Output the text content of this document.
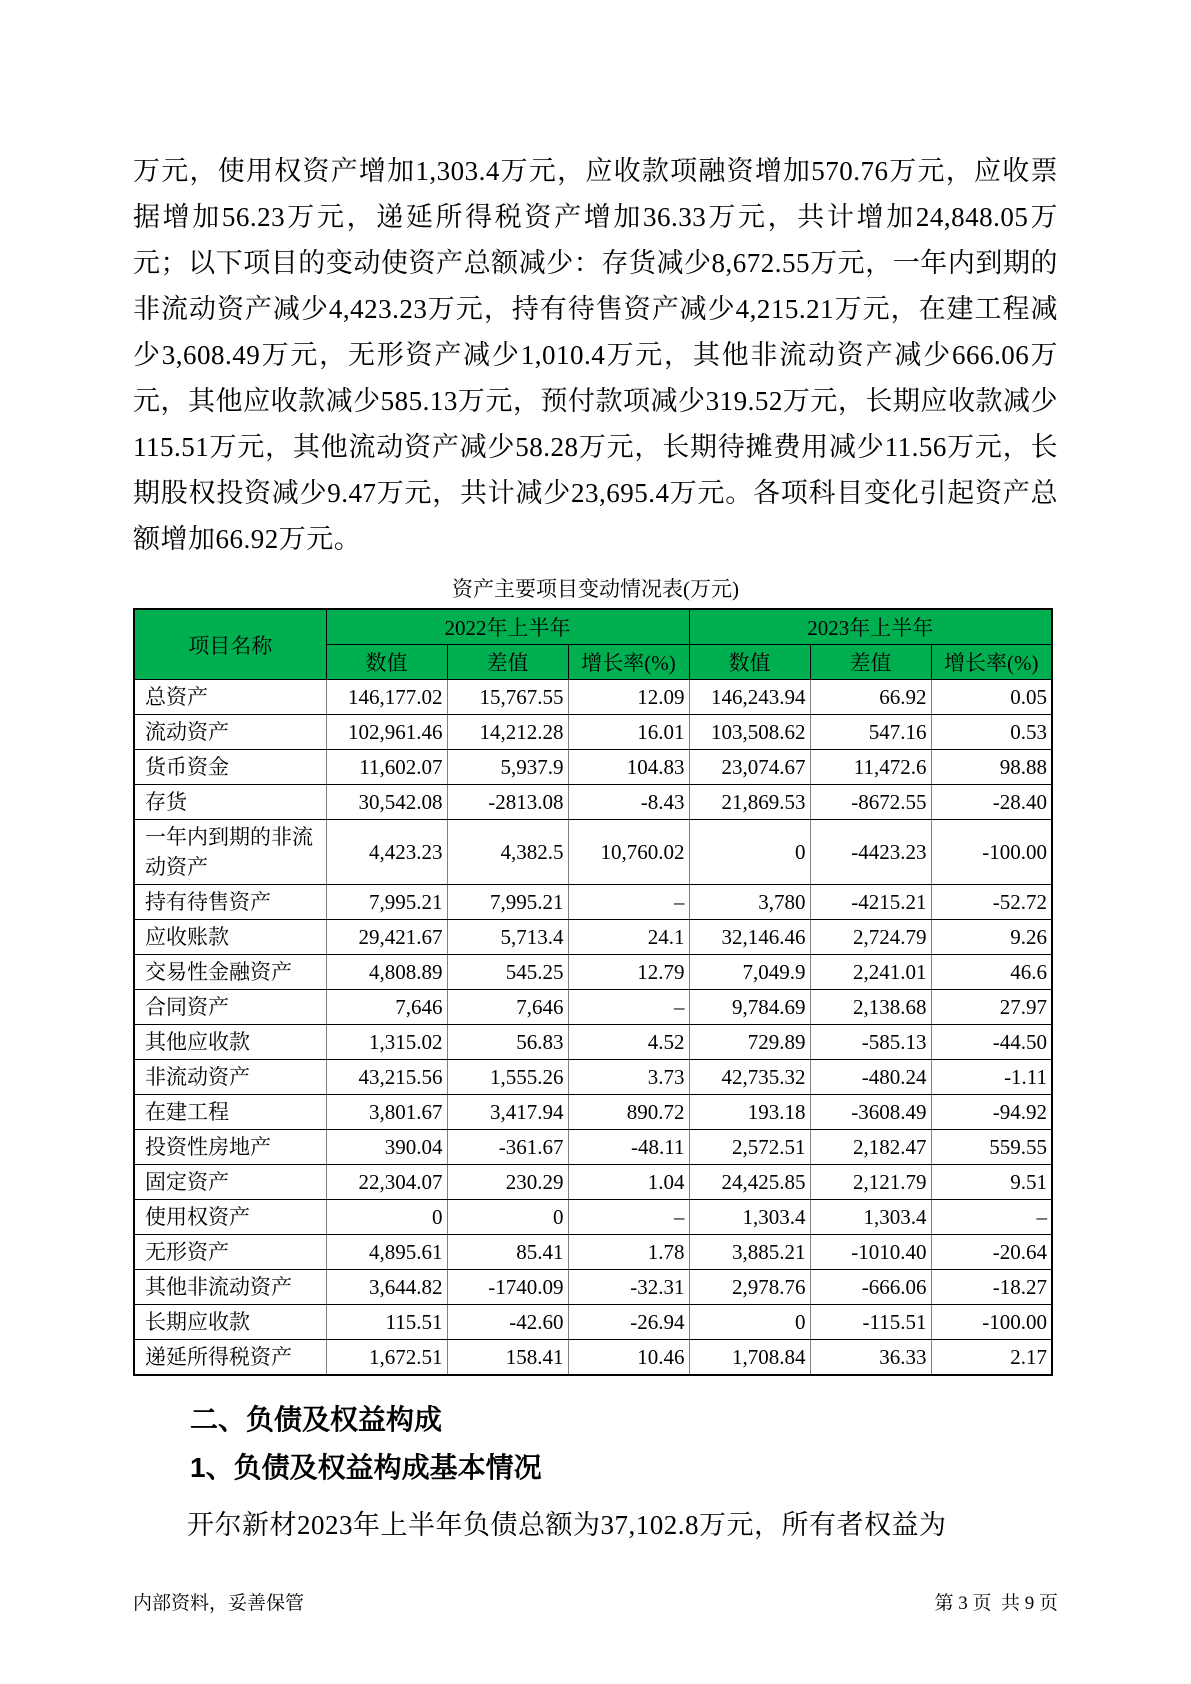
万元，使用权资产增加1,303.4万元，应收款项融资增加570.76万元，应收票据增加56.23万元，递延所得税资产增加36.33万元，共计增加24,848.05万元；以下项目的变动使资产总额减少：存货减少8,672.55万元，一年内到期的非流动资产减少4,423.23万元，持有待售资产减少4,215.21万元，在建工程减少3,608.49万元，无形资产减少1,010.4万元，其他非流动资产减少666.06万元，其他应收款减少585.13万元，预付款项减少319.52万元，长期应收款减少115.51万元，其他流动资产减少58.28万元，长期待摊费用减少11.56万元，长期股权投资减少9.47万元，共计减少23,695.4万元。各项科目变化引起资产总额增加66.92万元。

资产主要项目变动情况表(万元)
项目名称	2022年上半年			2023年上半年		
	数值	差值	增长率(%)	数值	差值	增长率(%)
总资产	146,177.02	15,767.55	12.09	146,243.94	66.92	0.05
流动资产	102,961.46	14,212.28	16.01	103,508.62	547.16	0.53
货币资金	11,602.07	5,937.9	104.83	23,074.67	11,472.6	98.88
存货	30,542.08	-2813.08	-8.43	21,869.53	-8672.55	-28.40
一年内到期的非流动资产	4,423.23	4,382.5	10,760.02	0	-4423.23	-100.00
持有待售资产	7,995.21	7,995.21	–	3,780	-4215.21	-52.72
应收账款	29,421.67	5,713.4	24.1	32,146.46	2,724.79	9.26
交易性金融资产	4,808.89	545.25	12.79	7,049.9	2,241.01	46.6
合同资产	7,646	7,646	–	9,784.69	2,138.68	27.97
其他应收款	1,315.02	56.83	4.52	729.89	-585.13	-44.50
非流动资产	43,215.56	1,555.26	3.73	42,735.32	-480.24	-1.11
在建工程	3,801.67	3,417.94	890.72	193.18	-3608.49	-94.92
投资性房地产	390.04	-361.67	-48.11	2,572.51	2,182.47	559.55
固定资产	22,304.07	230.29	1.04	24,425.85	2,121.79	9.51
使用权资产	0	0	–	1,303.4	1,303.4	–
无形资产	4,895.61	85.41	1.78	3,885.21	-1010.40	-20.64
其他非流动资产	3,644.82	-1740.09	-32.31	2,978.76	-666.06	-18.27
长期应收款	115.51	-42.60	-26.94	0	-115.51	-100.00
递延所得税资产	1,672.51	158.41	10.46	1,708.84	36.33	2.17
二、负债及权益构成
1、负债及权益构成基本情况

开尔新材2023年上半年负债总额为37,102.8万元，所有者权益为

内部资料，妥善保管	第 3 页  共 9 页
